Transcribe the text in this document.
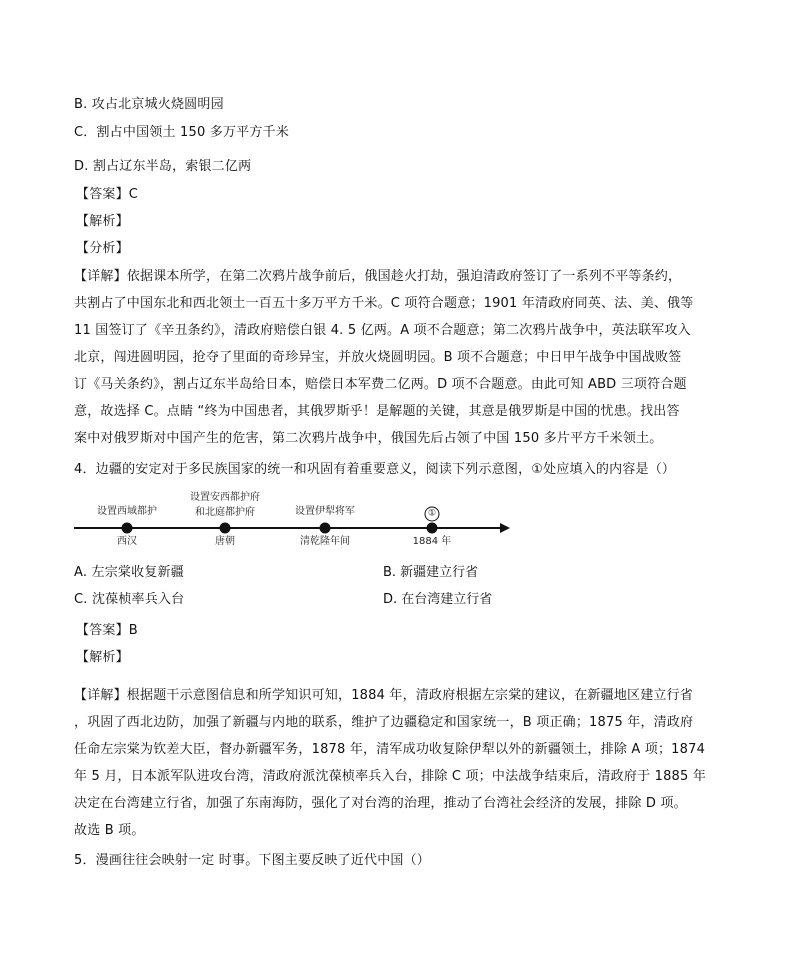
B. 攻占北京城火烧圆明园
C．割占中国领土 150 多万平方千米
D. 割占辽东半岛，索银二亿两
【答案】C
【解析】
【分析】
【详解】依据课本所学，在第二次鸦片战争前后，俄国趁火打劫，强迫清政府签订了一系列不平等条约，
共割占了中国东北和西北领土一百五十多万平方千米。C 项符合题意；1901 年清政府同英、法、美、俄等
11 国签订了《辛丑条约》，清政府赔偿白银 4. 5 亿两。A 项不合题意；第二次鸦片战争中，英法联军攻入
北京，闯进圆明园，抢夺了里面的奇珍异宝，并放火烧圆明园。B 项不合题意；中日甲午战争中国战败签
订《马关条约》，割占辽东半岛给日本，赔偿日本军费二亿两。D 项不合题意。由此可知 ABD 三项符合题
意，故选择 C。点睛 “终为中国患者，其俄罗斯乎！是解题的关键，其意是俄罗斯是中国的忧患。找出答
案中对俄罗斯对中国产生的危害，第二次鸦片战争中，俄国先后占领了中国 150 多片平方千米领土。
4．边疆的安定对于多民族国家的统一和巩固有着重要意义，阅读下列示意图，①处应填入的内容是（）
设置西域都护
西汉
设置安西都护府
和北庭都护府
唐朝
设置伊犁将军
清乾隆年间
①
1884 年
A. 左宗棠收复新疆	B. 新疆建立行省
C. 沈葆桢率兵入台	D. 在台湾建立行省
【答案】B
【解析】
【详解】根据题干示意图信息和所学知识可知，1884 年，清政府根据左宗棠的建议，在新疆地区建立行省
，巩固了西北边防，加强了新疆与内地的联系，维护了边疆稳定和国家统一，B 项正确；1875 年，清政府
任命左宗棠为钦差大臣，督办新疆军务，1878 年，清军成功收复除伊犁以外的新疆领土，排除 A 项；1874
年 5 月，日本派军队进攻台湾，清政府派沈葆桢率兵入台，排除 C 项；中法战争结束后，清政府于 1885 年
决定在台湾建立行省，加强了东南海防，强化了对台湾的治理，推动了台湾社会经济的发展，排除 D 项。
故选 B 项。
5．漫画往往会映射一定 时事。下图主要反映了近代中国（）
